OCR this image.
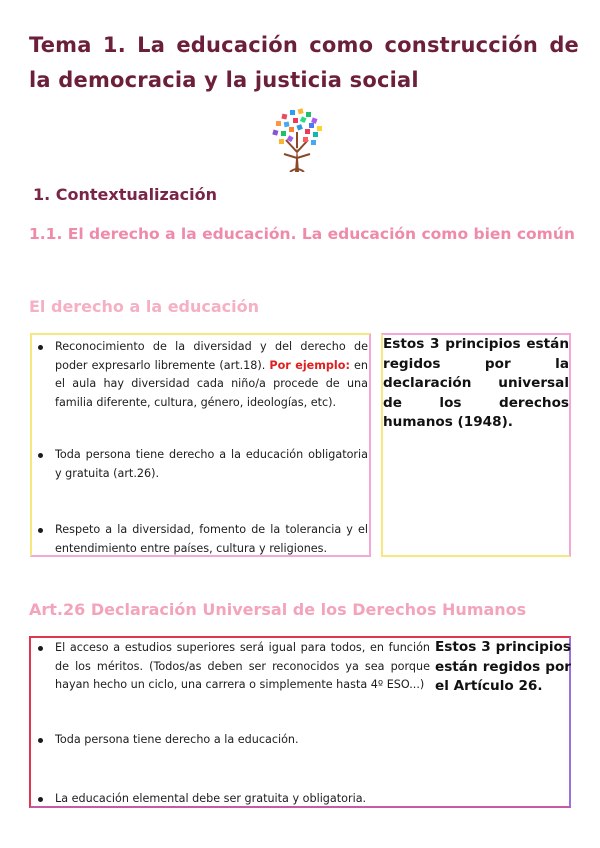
Tema 1. La educación como construcción de la democracia y la justicia social
1. Contextualización
1.1. El derecho a la educación. La educación como bien común
El derecho a la educación
Reconocimiento de la diversidad y del derecho de poder expresarlo libremente (art.18). Por ejemplo: en el aula hay diversidad cada niño/a procede de una familia diferente, cultura, género, ideologías, etc).
Toda persona tiene derecho a la educación obligatoria y gratuita (art.26).
Respeto a la diversidad, fomento de la tolerancia y el entendimiento entre países, cultura y religiones.

Estos 3 principios están regidos por la declaración universal de los derechos humanos (1948).

Art.26 Declaración Universal de los Derechos Humanos
El acceso a estudios superiores será igual para todos, en función de los méritos. (Todos/as deben ser reconocidos ya sea porque hayan hecho un ciclo, una carrera o simplemente hasta 4º ESO...)
Toda persona tiene derecho a la educación.
La educación elemental debe ser gratuita y obligatoria.

Estos 3 principios están regidos por el Artículo 26.
